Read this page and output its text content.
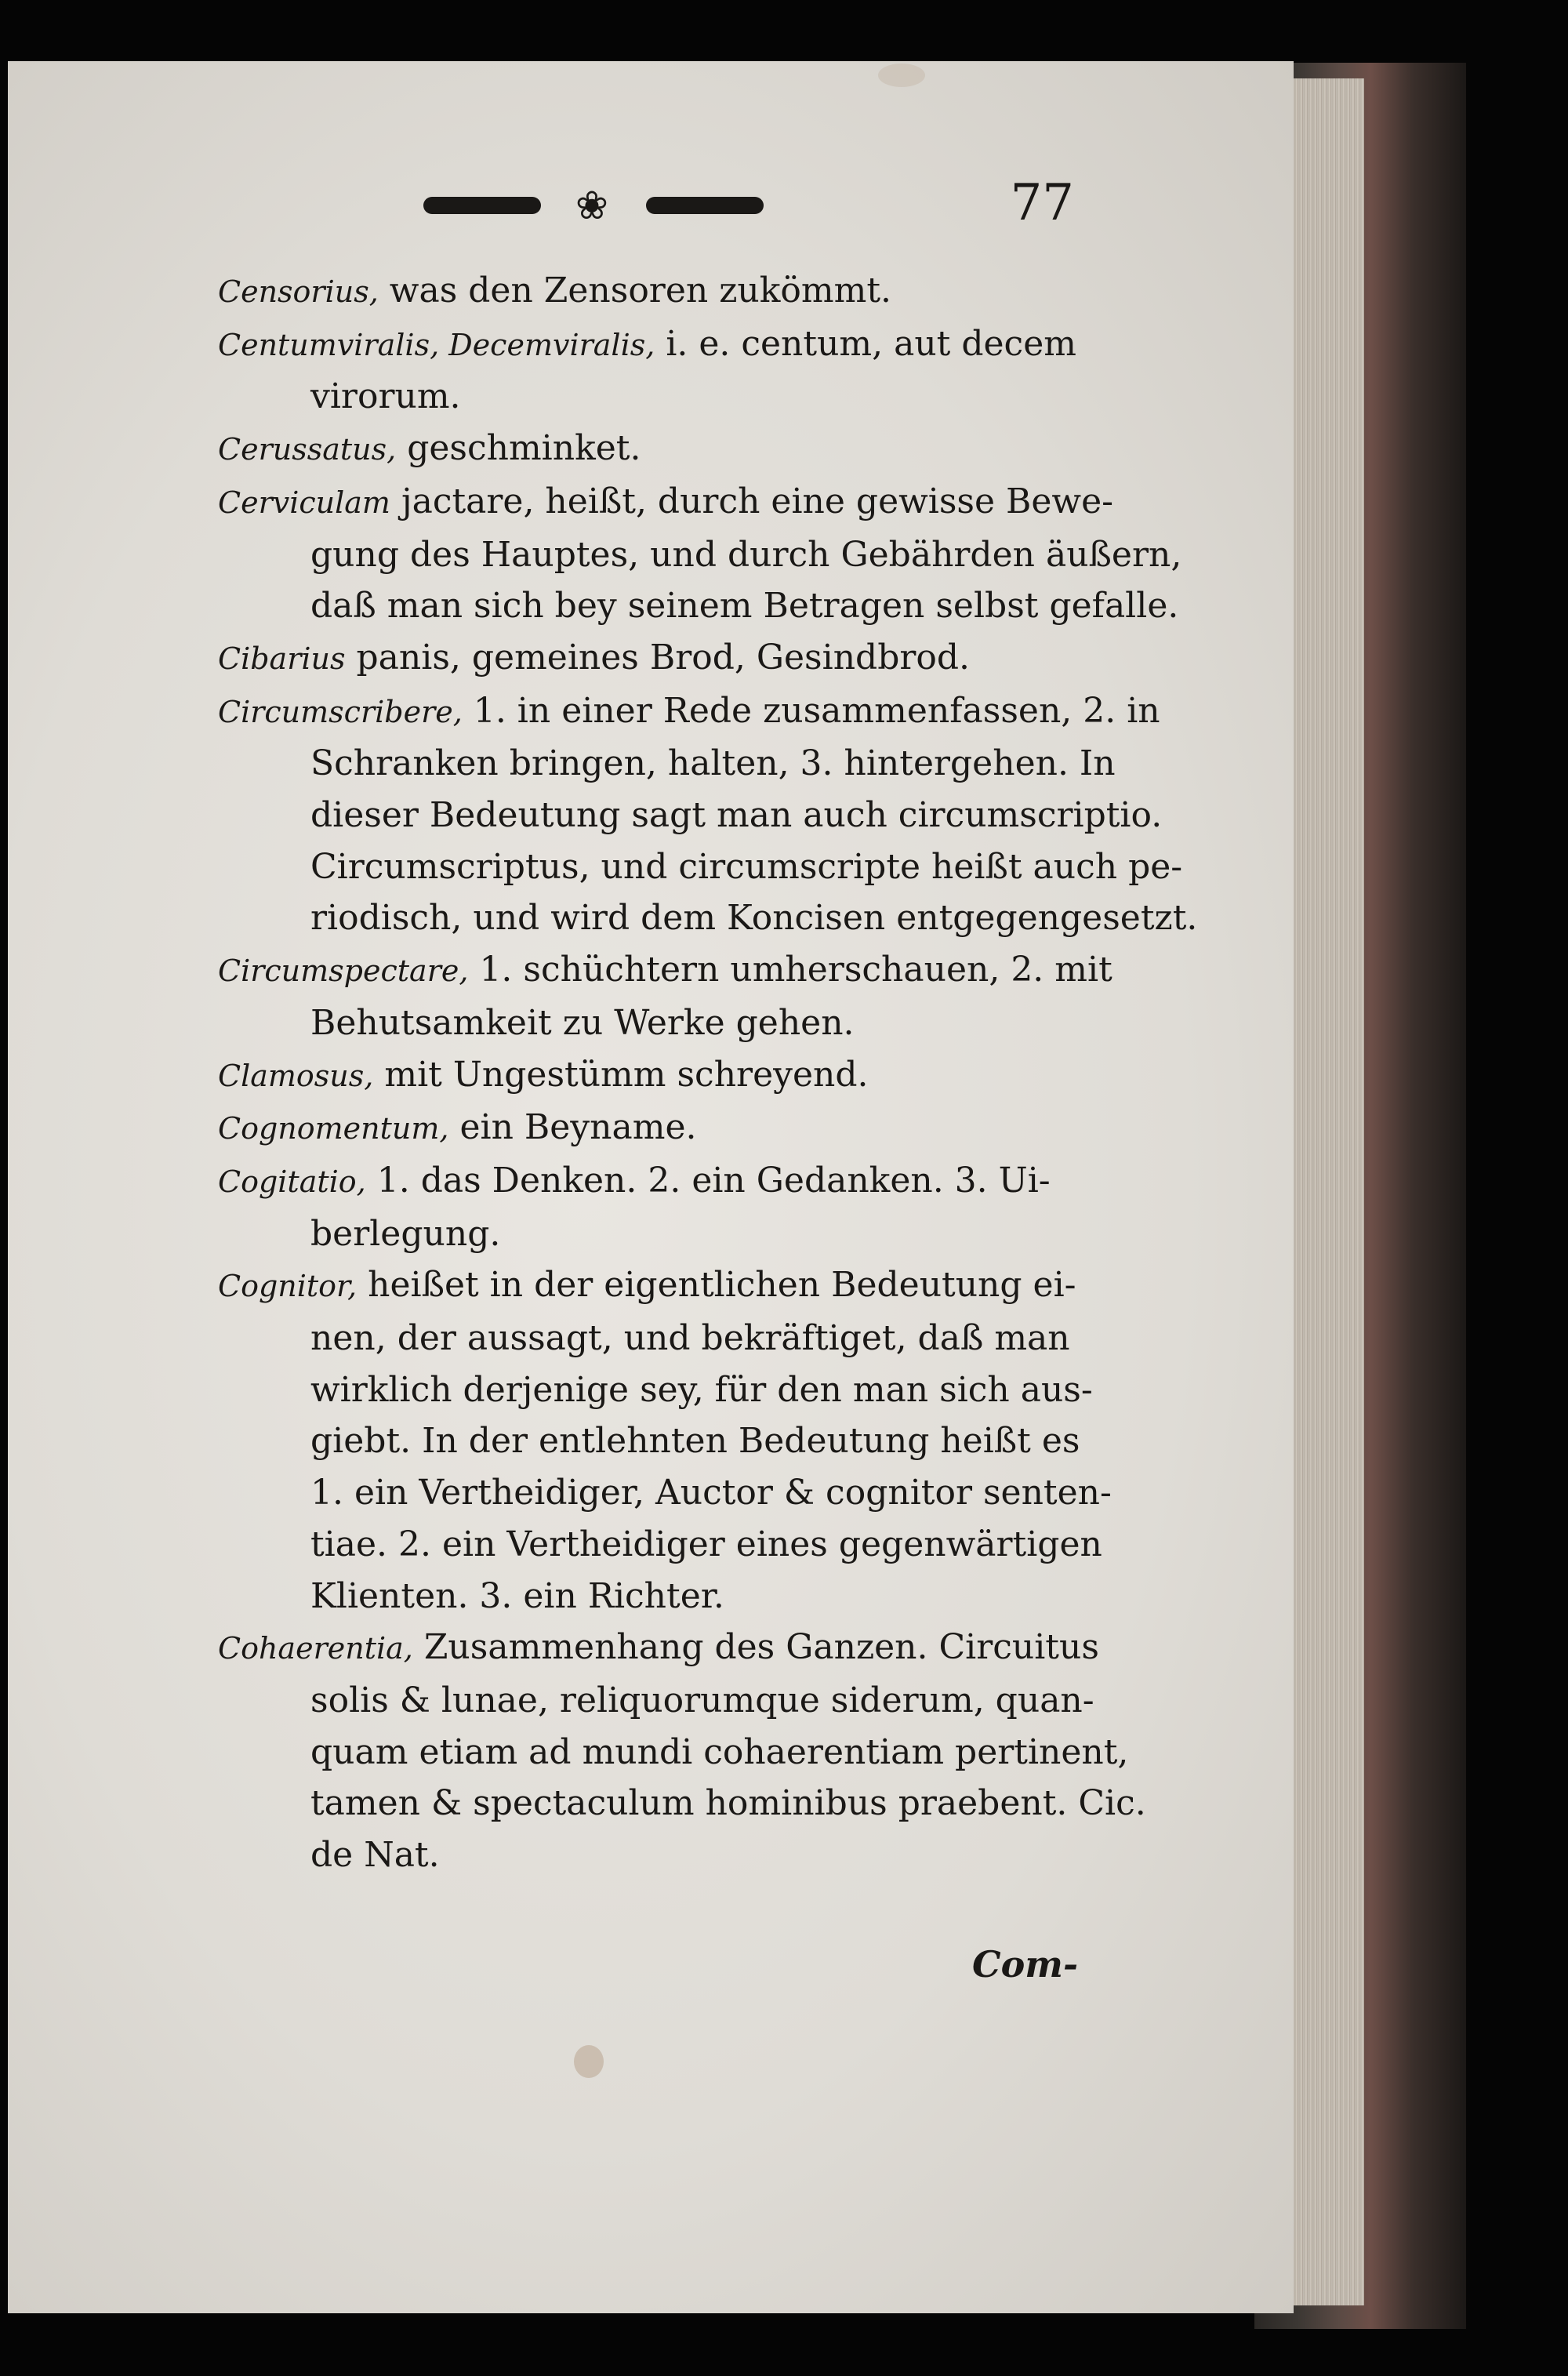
❀	77
Censorius, was den Zensoren zukömmt.
Centumviralis, Decemviralis, i. e. centum, aut decem
virorum.
Cerussatus, geschminket.
Cerviculam jactare, heißt, durch eine gewisse Bewe-
gung des Hauptes, und durch Gebährden äußern,
daß man sich bey seinem Betragen selbst gefalle.
Cibarius panis, gemeines Brod, Gesindbrod.
Circumscribere, 1. in einer Rede zusammenfassen, 2. in
Schranken bringen, halten, 3. hintergehen. In
dieser Bedeutung sagt man auch circumscriptio.
Circumscriptus, und circumscripte heißt auch pe-
riodisch, und wird dem Koncisen entgegengesetzt.
Circumspectare, 1. schüchtern umherschauen, 2. mit
Behutsamkeit zu Werke gehen.
Clamosus, mit Ungestümm schreyend.
Cognomentum, ein Beyname.
Cogitatio, 1. das Denken. 2. ein Gedanken. 3. Ui-
berlegung.
Cognitor, heißet in der eigentlichen Bedeutung ei-
nen, der aussagt, und bekräftiget, daß man
wirklich derjenige sey, für den man sich aus-
giebt. In der entlehnten Bedeutung heißt es
1. ein Vertheidiger, Auctor & cognitor senten-
tiae. 2. ein Vertheidiger eines gegenwärtigen
Klienten. 3. ein Richter.
Cohaerentia, Zusammenhang des Ganzen. Circuitus
solis & lunae, reliquorumque siderum, quan-
quam etiam ad mundi cohaerentiam pertinent,
tamen & spectaculum hominibus praebent. Cic.
de Nat.
Com-
